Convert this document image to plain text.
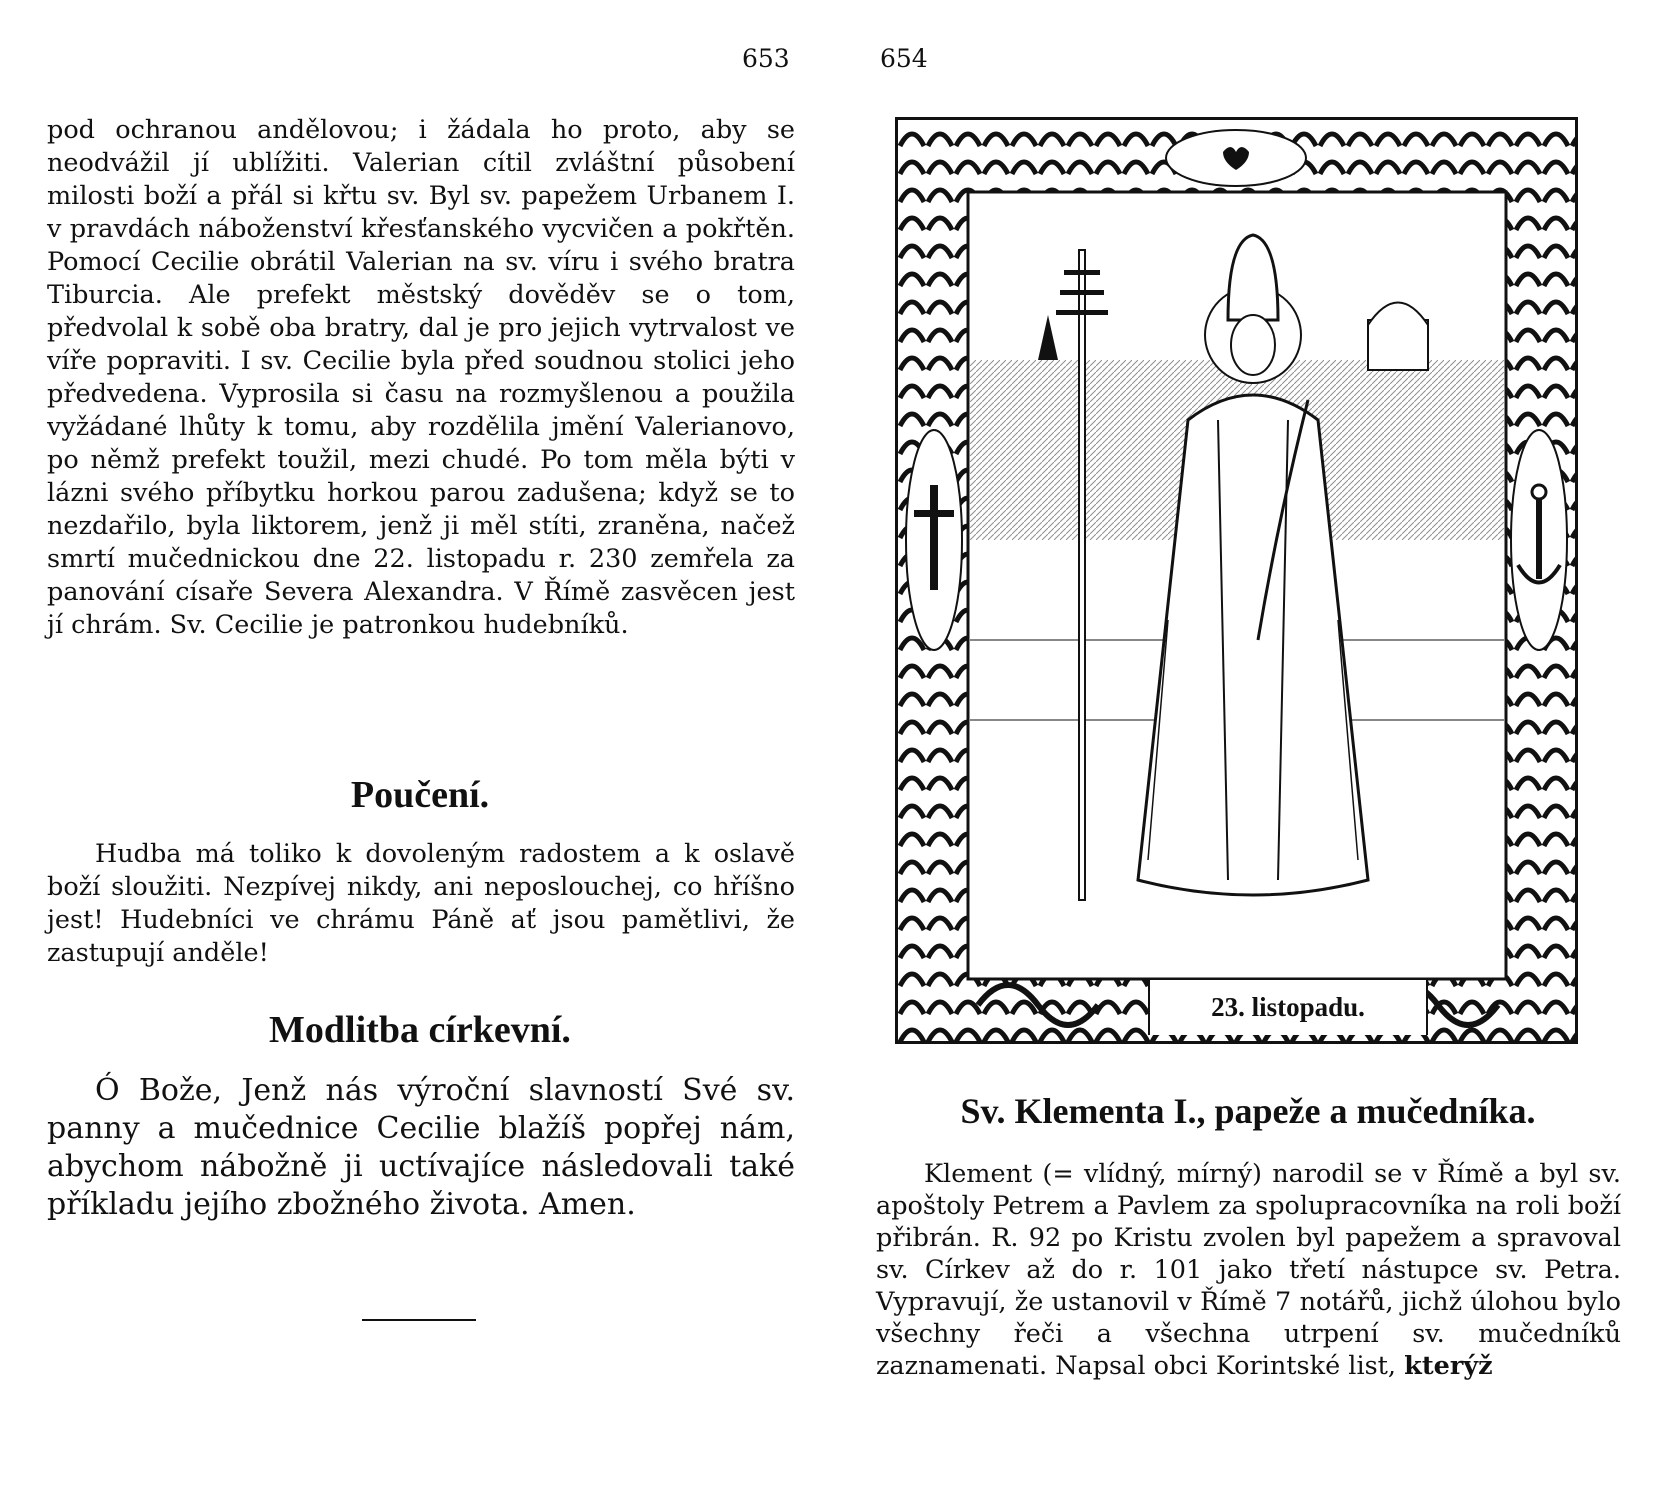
653

pod ochranou andělovou; i žádala ho proto, aby se neodvážil jí ublížiti. Valerian cítil zvláštní působení milosti boží a přál si křtu sv. Byl sv. papežem Urbanem I. v pravdách náboženství křesťanského vycvičen a pokřtěn. Pomocí Cecilie obrátil Valerian na sv. víru i svého bratra Tiburcia. Ale prefekt městský dověděv se o tom, předvolal k sobě oba bratry, dal je pro jejich vytrvalost ve víře popraviti. I sv. Cecilie byla před soudnou stolici jeho předvedena. Vyprosila si času na rozmyšlenou a použila vyžádané lhůty k tomu, aby rozdělila jmění Valerianovo, po němž prefekt toužil, mezi chudé. Po tom měla býti v lázni svého příbytku horkou parou zadušena; když se to nezdařilo, byla liktorem, jenž ji měl stíti, zraněna, načež smrtí mučednickou dne 22. listopadu r. 230 zemřela za panování císaře Severa Alexandra. V Římě zasvěcen jest jí chrám. Sv. Cecilie je patronkou hudebníků.

Poučení.

Hudba má toliko k dovoleným radostem a k oslavě boží sloužiti. Nezpívej nikdy, ani neposlouchej, co hříšno jest! Hudebníci ve chrámu Páně ať jsou pamětlivi, že zastupují anděle!

Modlitba církevní.

Ó Bože, Jenž nás výroční slavností Své sv. panny a mučednice Cecilie blažíš popřej nám, abychom nábožně ji uctívajíce následovali také příkladu jejího zbožného života. Amen.

654
23. listopadu.
Sv. Klementa I., papeže a mučedníka.

Klement (= vlídný, mírný) narodil se v Římě a byl sv. apoštoly Petrem a Pavlem za spolupracovníka na roli boží přibrán. R. 92 po Kristu zvolen byl papežem a spravoval sv. Církev až do r. 101 jako třetí nástupce sv. Petra. Vypravují, že ustanovil v Římě 7 notářů, jichž úlohou bylo všechny řeči a všechna utrpení sv. mučedníků zaznamenati. Napsal obci Korintské list, kterýž
